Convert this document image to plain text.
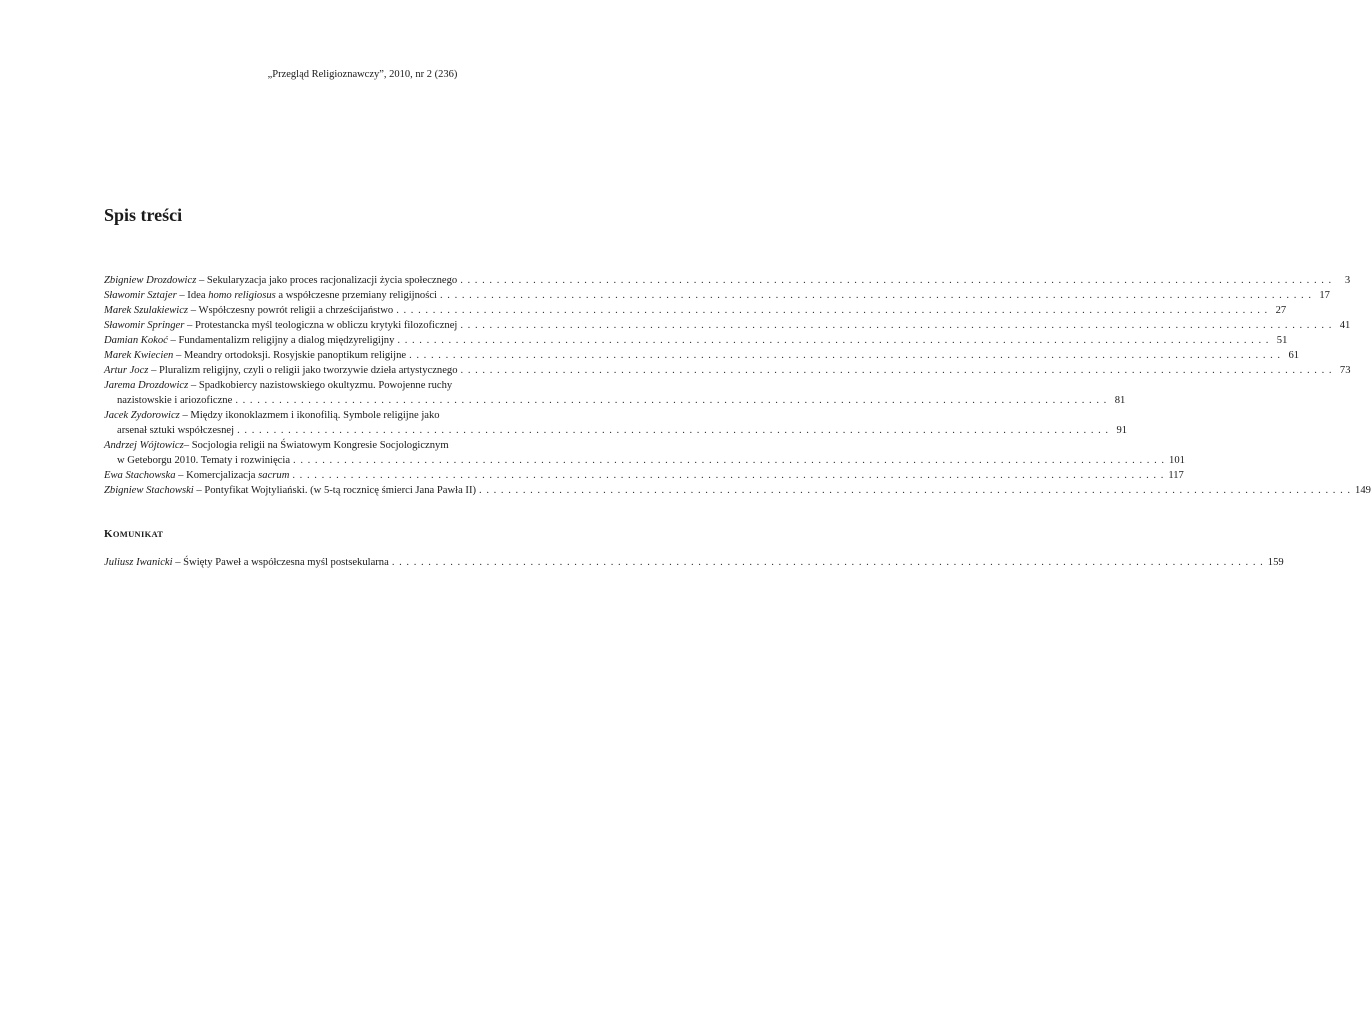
„Przegląd Religioznawczy”, 2010, nr 2 (236)
Spis treści
Zbigniew Drozdowicz – Sekularyzacja jako proces racjonalizacji życia społecznego . . . . . . . . . . . . . . . . . . . . . . . . . . . . . . . . . . . . . . . . . . . . . . . . . . . . . . . . . . . . . . . . . . . . . . . . . . . . . . . . . . . . . . . . . . . . . . . . . . . . . . . . . . . . . . . . . . . . . . . .	3
Sławomir Sztajer – Idea homo religiosus a współczesne przemiany religijności . . . . . . . . . . . . . . . . . . . . . . . . . . . . . . . . . . . . . . . . . . . . . . . . . . . . . . . . . . . . . . . . . . . . . . . . . . . . . . . . . . . . . . . . . . . . . . . . . . . . . . . . . . . . . . . . . . . . . . . . 17
Marek Szulakiewicz – Współczesny powrót religii a chrześcijaństwo . . . . . . . . . . . . . . . . . . . . . . . . . . . . . . . . . . . . . . . . . . . . . . . . . . . . . . . . . . . . . . . . . . . . . . . . . . . . . . . . . . . . . . . . . . . . . . . . . . . . . . . . . . . . . . . . . . . . . . . . 27
Sławomir Springer – Protestancka myśl teologiczna w obliczu krytyki filozoficznej . . . . . . . . . . . . . . . . . . . . . . . . . . . . . . . . . . . . . . . . . . . . . . . . . . . . . . . . . . . . . . . . . . . . . . . . . . . . . . . . . . . . . . . . . . . . . . . . . . . . . . . . . . . . . . . . . . . . . . . . 41
Damian Kokoć – Fundamentalizm religijny a dialog międzyreligijny . . . . . . . . . . . . . . . . . . . . . . . . . . . . . . . . . . . . . . . . . . . . . . . . . . . . . . . . . . . . . . . . . . . . . . . . . . . . . . . . . . . . . . . . . . . . . . . . . . . . . . . . . . . . . . . . . . . . . . . . 51
Marek Kwiecien – Meandry ortodoksji. Rosyjskie panoptikum religijne . . . . . . . . . . . . . . . . . . . . . . . . . . . . . . . . . . . . . . . . . . . . . . . . . . . . . . . . . . . . . . . . . . . . . . . . . . . . . . . . . . . . . . . . . . . . . . . . . . . . . . . . . . . . . . . . . . . . . . . . 61
Artur Jocz – Pluralizm religijny, czyli o religii jako tworzywie dzieła artystycznego . . . . . . . . . . . . . . . . . . . . . . . . . . . . . . . . . . . . . . . . . . . . . . . . . . . . . . . . . . . . . . . . . . . . . . . . . . . . . . . . . . . . . . . . . . . . . . . . . . . . . . . . . . . . . . . . . . . . . . . . 73
Jarema Drozdowicz – Spadkobiercy nazistowskiego okultyzmu. Powojenne ruchy
nazistowskie i ariozoficzne . . . . . . . . . . . . . . . . . . . . . . . . . . . . . . . . . . . . . . . . . . . . . . . . . . . . . . . . . . . . . . . . . . . . . . . . . . . . . . . . . . . . . . . . . . . . . . . . . . . . . . . . . . . . . . . . . . . . . . . . 81
Jacek Zydorowicz – Między ikonoklazmem i ikonofilią. Symbole religijne jako
arsenał sztuki współczesnej . . . . . . . . . . . . . . . . . . . . . . . . . . . . . . . . . . . . . . . . . . . . . . . . . . . . . . . . . . . . . . . . . . . . . . . . . . . . . . . . . . . . . . . . . . . . . . . . . . . . . . . . . . . . . . . . . . . . . . . . 91
Andrzej Wójtowicz– Socjologia religii na Światowym Kongresie Socjologicznym
w Geteborgu 2010. Tematy i rozwinięcia . . . . . . . . . . . . . . . . . . . . . . . . . . . . . . . . . . . . . . . . . . . . . . . . . . . . . . . . . . . . . . . . . . . . . . . . . . . . . . . . . . . . . . . . . . . . . . . . . . . . . . . . . . . . . . . . . . . . . . . . 101
Ewa Stachowska – Komercjalizacja sacrum . . . . . . . . . . . . . . . . . . . . . . . . . . . . . . . . . . . . . . . . . . . . . . . . . . . . . . . . . . . . . . . . . . . . . . . . . . . . . . . . . . . . . . . . . . . . . . . . . . . . . . . . . . . . . . . . . . . . . . . . 117
Zbigniew Stachowski – Pontyfikat Wojtyliański. (w 5-tą rocznicę śmierci Jana Pawła II) . . . . . . . . . . . . . . . . . . . . . . . . . . . . . . . . . . . . . . . . . . . . . . . . . . . . . . . . . . . . . . . . . . . . . . . . . . . . . . . . . . . . . . . . . . . . . . . . . . . . . . . . . . . . . . . . . . . . . . . . 149
KOMUNIKAT
Juliusz Iwanicki – Święty Paweł a współczesna myśl postsekularna . . . . . . . . . . . . . . . . . . . . . . . . . . . . . . . . . . . . . . . . . . . . . . . . . . . . . . . . . . . . . . . . . . . . . . . . . . . . . . . . . . . . . . . . . . . . . . . . . . . . . . . . . . . . . . . . . . . . . . . . 159
